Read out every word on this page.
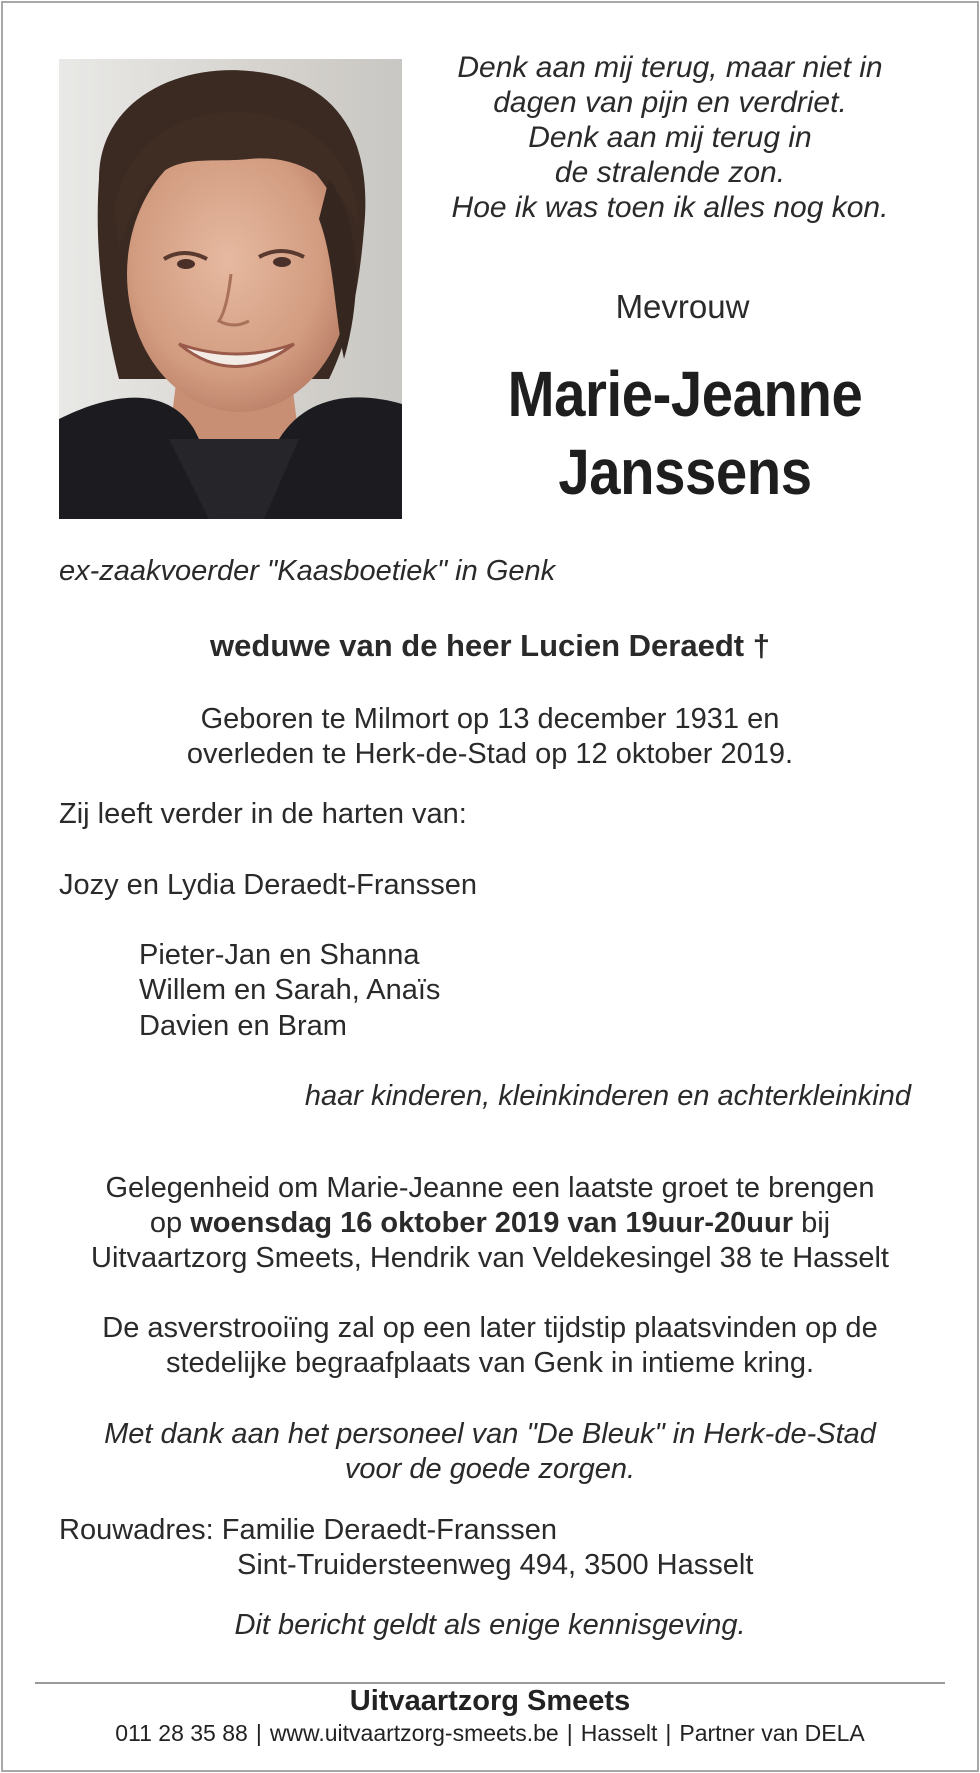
Denk aan mij terug, maar niet in
dagen van pijn en verdriet.
Denk aan mij terug in
de stralende zon.
Hoe ik was toen ik alles nog kon.
Mevrouw
Marie-Jeanne
Janssens
ex-zaakvoerder "Kaasboetiek" in Genk
weduwe van de heer Lucien Deraedt †
Geboren te Milmort op 13 december 1931 en
overleden te Herk-de-Stad op 12 oktober 2019.
Zij leeft verder in de harten van:
Jozy en Lydia Deraedt-Franssen
Pieter-Jan en Shanna
Willem en Sarah, Anaïs
Davien en Bram
haar kinderen, kleinkinderen en achterkleinkind
Gelegenheid om Marie-Jeanne een laatste groet te brengen
op woensdag 16 oktober 2019 van 19uur-20uur bij
Uitvaartzorg Smeets, Hendrik van Veldekesingel 38 te Hasselt
De asverstrooiïng zal op een later tijdstip plaatsvinden op de
stedelijke begraafplaats van Genk in intieme kring.
Met dank aan het personeel van "De Bleuk" in Herk-de-Stad
voor de goede zorgen.
Rouwadres: Familie Deraedt-Franssen
Sint-Truidersteenweg 494, 3500 Hasselt
Dit bericht geldt als enige kennisgeving.
Uitvaartzorg Smeets
011 28 35 88 | www.uitvaartzorg-smeets.be | Hasselt | Partner van DELA
